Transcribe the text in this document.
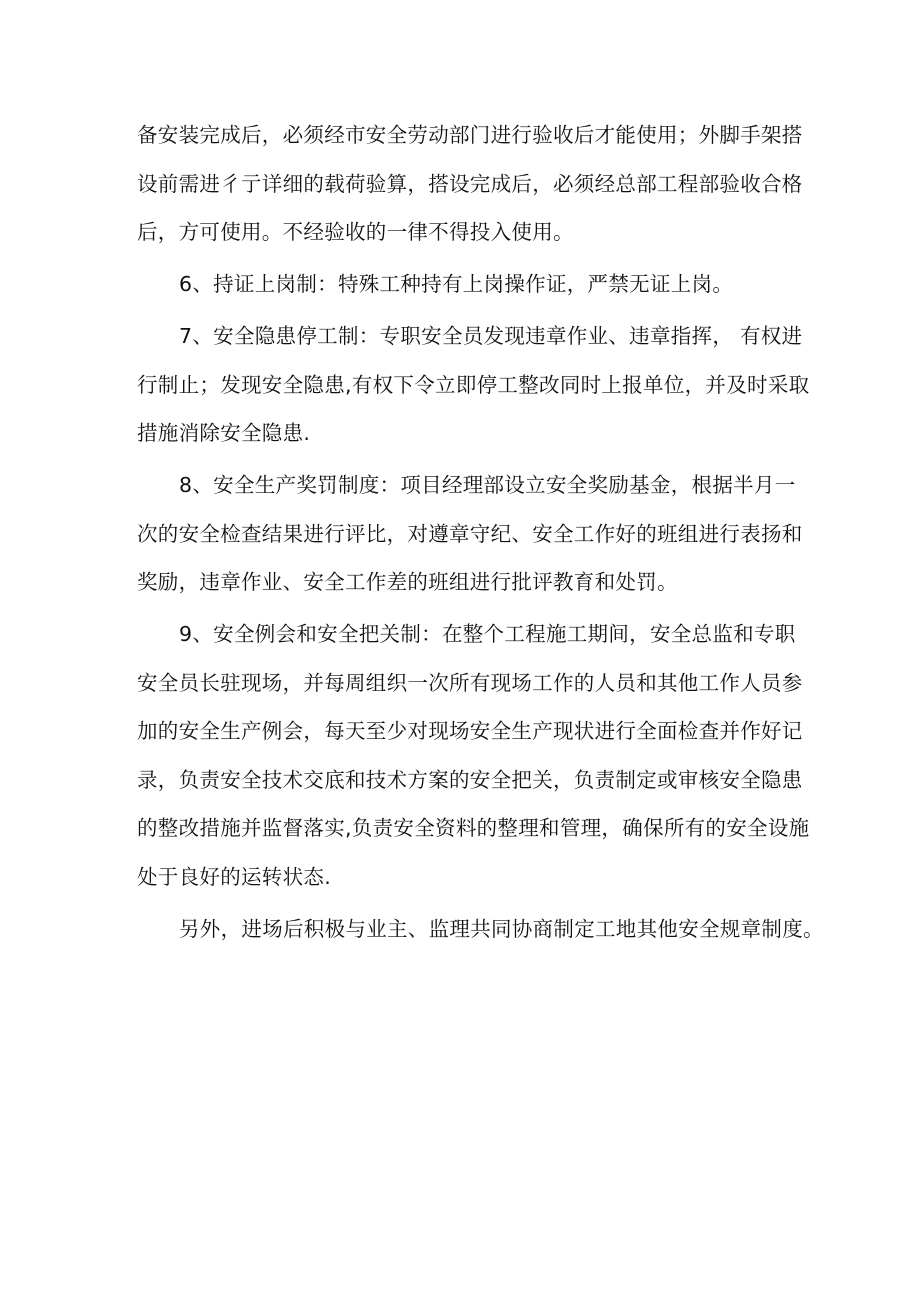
备安装完成后，必须经市安全劳动部门进行验收后才能使用；外脚手架搭
设前需进彳亍详细的载荷验算，搭设完成后，必须经总部工程部验收合格
后，方可使用。不经验收的一律不得投入使用。
6、持证上岗制：特殊工种持有上岗操作证，严禁无证上岗。
7、安全隐患停工制：专职安全员发现违章作业、违章指挥， 有权进
行制止；发现安全隐患,有权下令立即停工整改同时上报单位，并及时采取
措施消除安全隐患.
8、安全生产奖罚制度：项目经理部设立安全奖励基金，根据半月一
次的安全检查结果进行评比，对遵章守纪、安全工作好的班组进行表扬和
奖励，违章作业、安全工作差的班组进行批评教育和处罚。
9、安全例会和安全把关制：在整个工程施工期间，安全总监和专职
安全员长驻现场，并每周组织一次所有现场工作的人员和其他工作人员参
加的安全生产例会，每天至少对现场安全生产现状进行全面检查并作好记
录，负责安全技术交底和技术方案的安全把关，负责制定或审核安全隐患
的整改措施并监督落实,负责安全资料的整理和管理，确保所有的安全设施
处于良好的运转状态.
另外，进场后积极与业主、监理共同协商制定工地其他安全规章制度。
